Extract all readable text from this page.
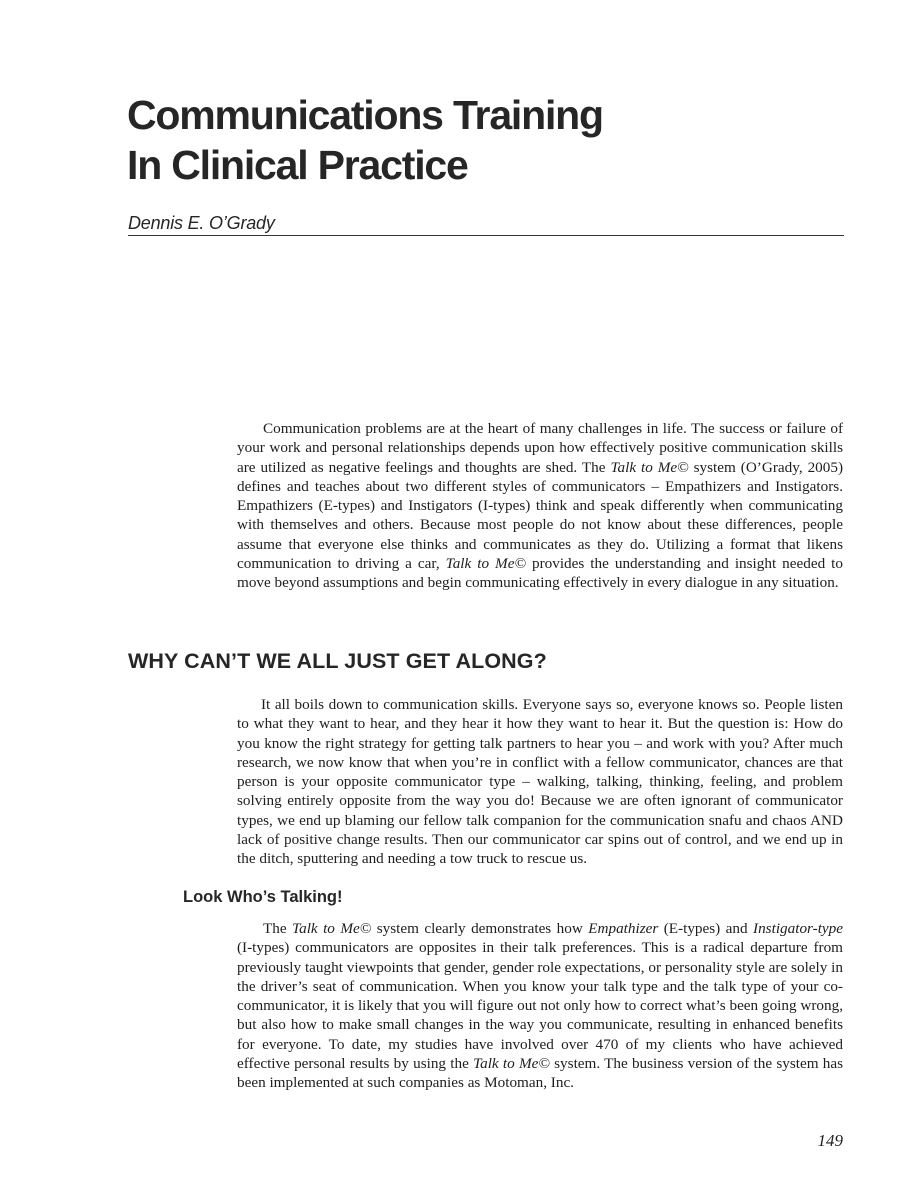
Communications Training
In Clinical Practice
Dennis E. O’Grady

Communication problems are at the heart of many challenges in life. The success or failure of your work and personal relationships depends upon how effectively positive communication skills are utilized as negative feelings and thoughts are shed. The Talk to Me© system (O’Grady, 2005) defines and teaches about two different styles of communicators – Empathizers and Instigators. Empathizers (E-types) and Instigators (I-types) think and speak differently when communicating with themselves and others. Because most people do not know about these differences, people assume that everyone else thinks and communicates as they do. Utilizing a format that likens communication to driving a car, Talk to Me© provides the understanding and insight needed to move beyond assumptions and begin communicating effectively in every dialogue in any situation.

WHY CAN’T WE ALL JUST GET ALONG?

It all boils down to communication skills. Everyone says so, everyone knows so. People listen to what they want to hear, and they hear it how they want to hear it. But the question is: How do you know the right strategy for getting talk partners to hear you – and work with you? After much research, we now know that when you’re in conflict with a fellow communicator, chances are that person is your opposite communicator type – walking, talking, thinking, feeling, and problem solving entirely opposite from the way you do! Because we are often ignorant of communicator types, we end up blaming our fellow talk companion for the communication snafu and chaos AND lack of positive change results. Then our communicator car spins out of control, and we end up in the ditch, sputtering and needing a tow truck to rescue us.

Look Who’s Talking!

The Talk to Me© system clearly demonstrates how Empathizer (E-types) and Instigator-type (I-types) communicators are opposites in their talk preferences. This is a radical departure from previously taught viewpoints that gender, gender role expectations, or personality style are solely in the driver’s seat of communication. When you know your talk type and the talk type of your co-communicator, it is likely that you will figure out not only how to correct what’s been going wrong, but also how to make small changes in the way you communicate, resulting in enhanced benefits for everyone. To date, my studies have involved over 470 of my clients who have achieved effective personal results by using the Talk to Me© system. The business version of the system has been implemented at such companies as Motoman, Inc.

149
